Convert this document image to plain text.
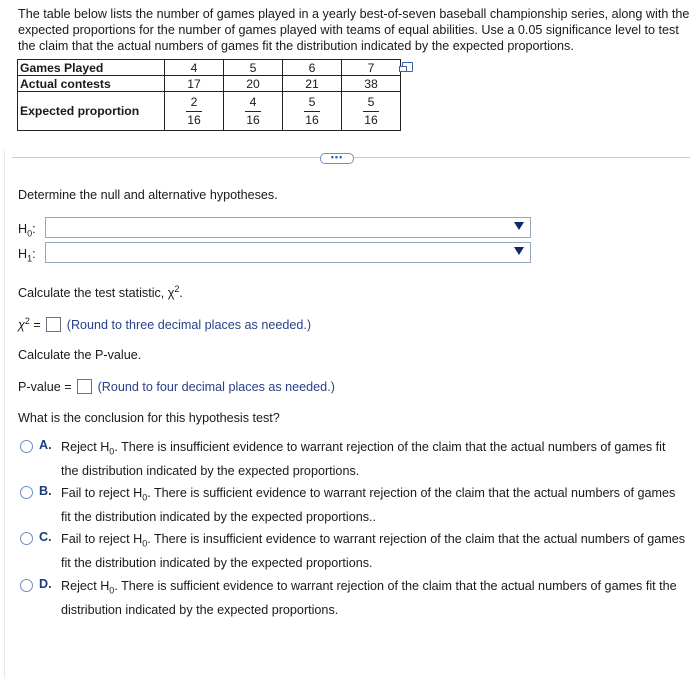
The table below lists the number of games played in a yearly best-of-seven baseball championship series, along with the expected proportions for the number of games played with teams of equal abilities. Use a 0.05 significance level to test the claim that the actual numbers of games fit the distribution indicated by the expected proportions.
Games Played	4	5	6	7
Actual contests	17	20	21	38
Expected proportion	$\frac{2}{16}$	$\frac{4}{16}$	$\frac{5}{16}$	$\frac{5}{16}$
•••
Determine the null and alternative hypotheses.
$H_0$:
$H_1$:
Calculate the test statistic, $\chi^2$.
$\chi^2$ = (Round to three decimal places as needed.)
Calculate the P-value.
P-value = (Round to four decimal places as needed.)
What is the conclusion for this hypothesis test?
A. Reject $H_0$. There is insufficient evidence to warrant rejection of the claim that the actual numbers of games fit the distribution indicated by the expected proportions.
B. Fail to reject $H_0$. There is sufficient evidence to warrant rejection of the claim that the actual numbers of games fit the distribution indicated by the expected proportions..
C. Fail to reject $H_0$. There is insufficient evidence to warrant rejection of the claim that the actual numbers of games fit the distribution indicated by the expected proportions.
D. Reject $H_0$. There is sufficient evidence to warrant rejection of the claim that the actual numbers of games fit the distribution indicated by the expected proportions.
